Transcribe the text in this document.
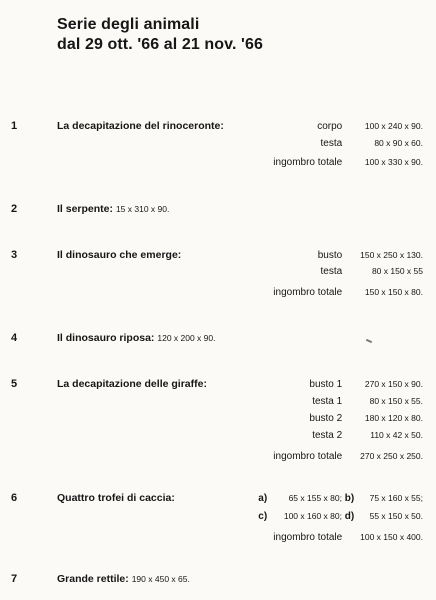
Serie degli animali
dal 29 ott. '66 al 21 nov. '66
1	La decapitazione del rinoceronte:	corpo	100 x 240 x 90.
testa	80 x 90 x 60.
ingombro totale	100 x 330 x 90.
2	Il serpente: 15 x 310 x 90.
3	Il dinosauro che emerge:	busto 150 x 250 x 130.
testa	80 x 150 x 55
ingombro totale	150 x 150 x 80.
4	Il dinosauro riposa: 120 x 200 x 90.
5	La decapitazione delle giraffe:	busto 1	270 x 150 x 90.
testa 1	80 x 150 x 55.
busto 2	180 x 120 x 80.
testa 2	110 x 42 x 50.
ingombro totale 270 x 250 x 250.
6	Quattro trofei di caccia:	a)	65 x 155 x 80; b) 75 x 160 x 55;
c) 100 x 160 x 80; d) 55 x 150 x 50.
ingombro totale 100 x 150 x 400.
7	Grande rettile: 190 x 450 x 65.
